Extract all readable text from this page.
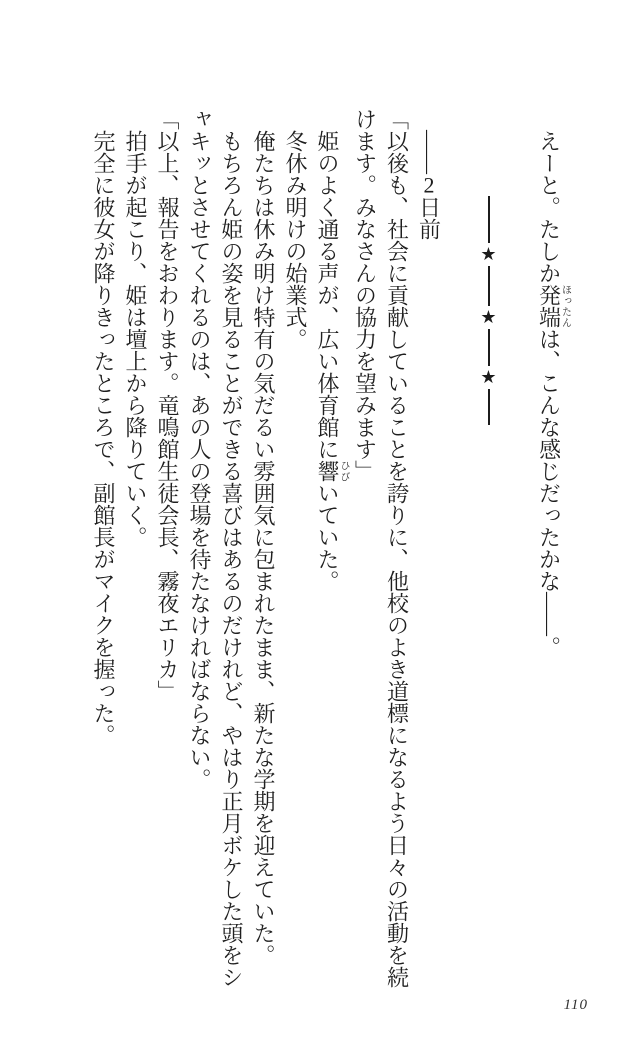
　えーと。たしか発端ほったんは、こんな感じだったかな——。

★
★
★

　——2日前

「以後も、社会に貢献していることを誇りに、他校のよき道標になるよう日々の活動を続けます。みなさんの協力を望みます」

　姫のよく通る声が、広い体育館に響ひびいていた。

　冬休み明けの始業式。

　俺たちは休み明け特有の気だるい雰囲気に包まれたまま、新たな学期を迎えていた。

　もちろん姫の姿を見ることができる喜びはあるのだけれど、やはり正月ボケした頭をシャキッとさせてくれるのは、あの人の登場を待たなければならない。

「以上、報告をおわります。竜鳴館生徒会長、霧夜エリカ」

　拍手が起こり、姫は壇上から降りていく。

　完全に彼女が降りきったところで、副館長がマイクを握った。

110
